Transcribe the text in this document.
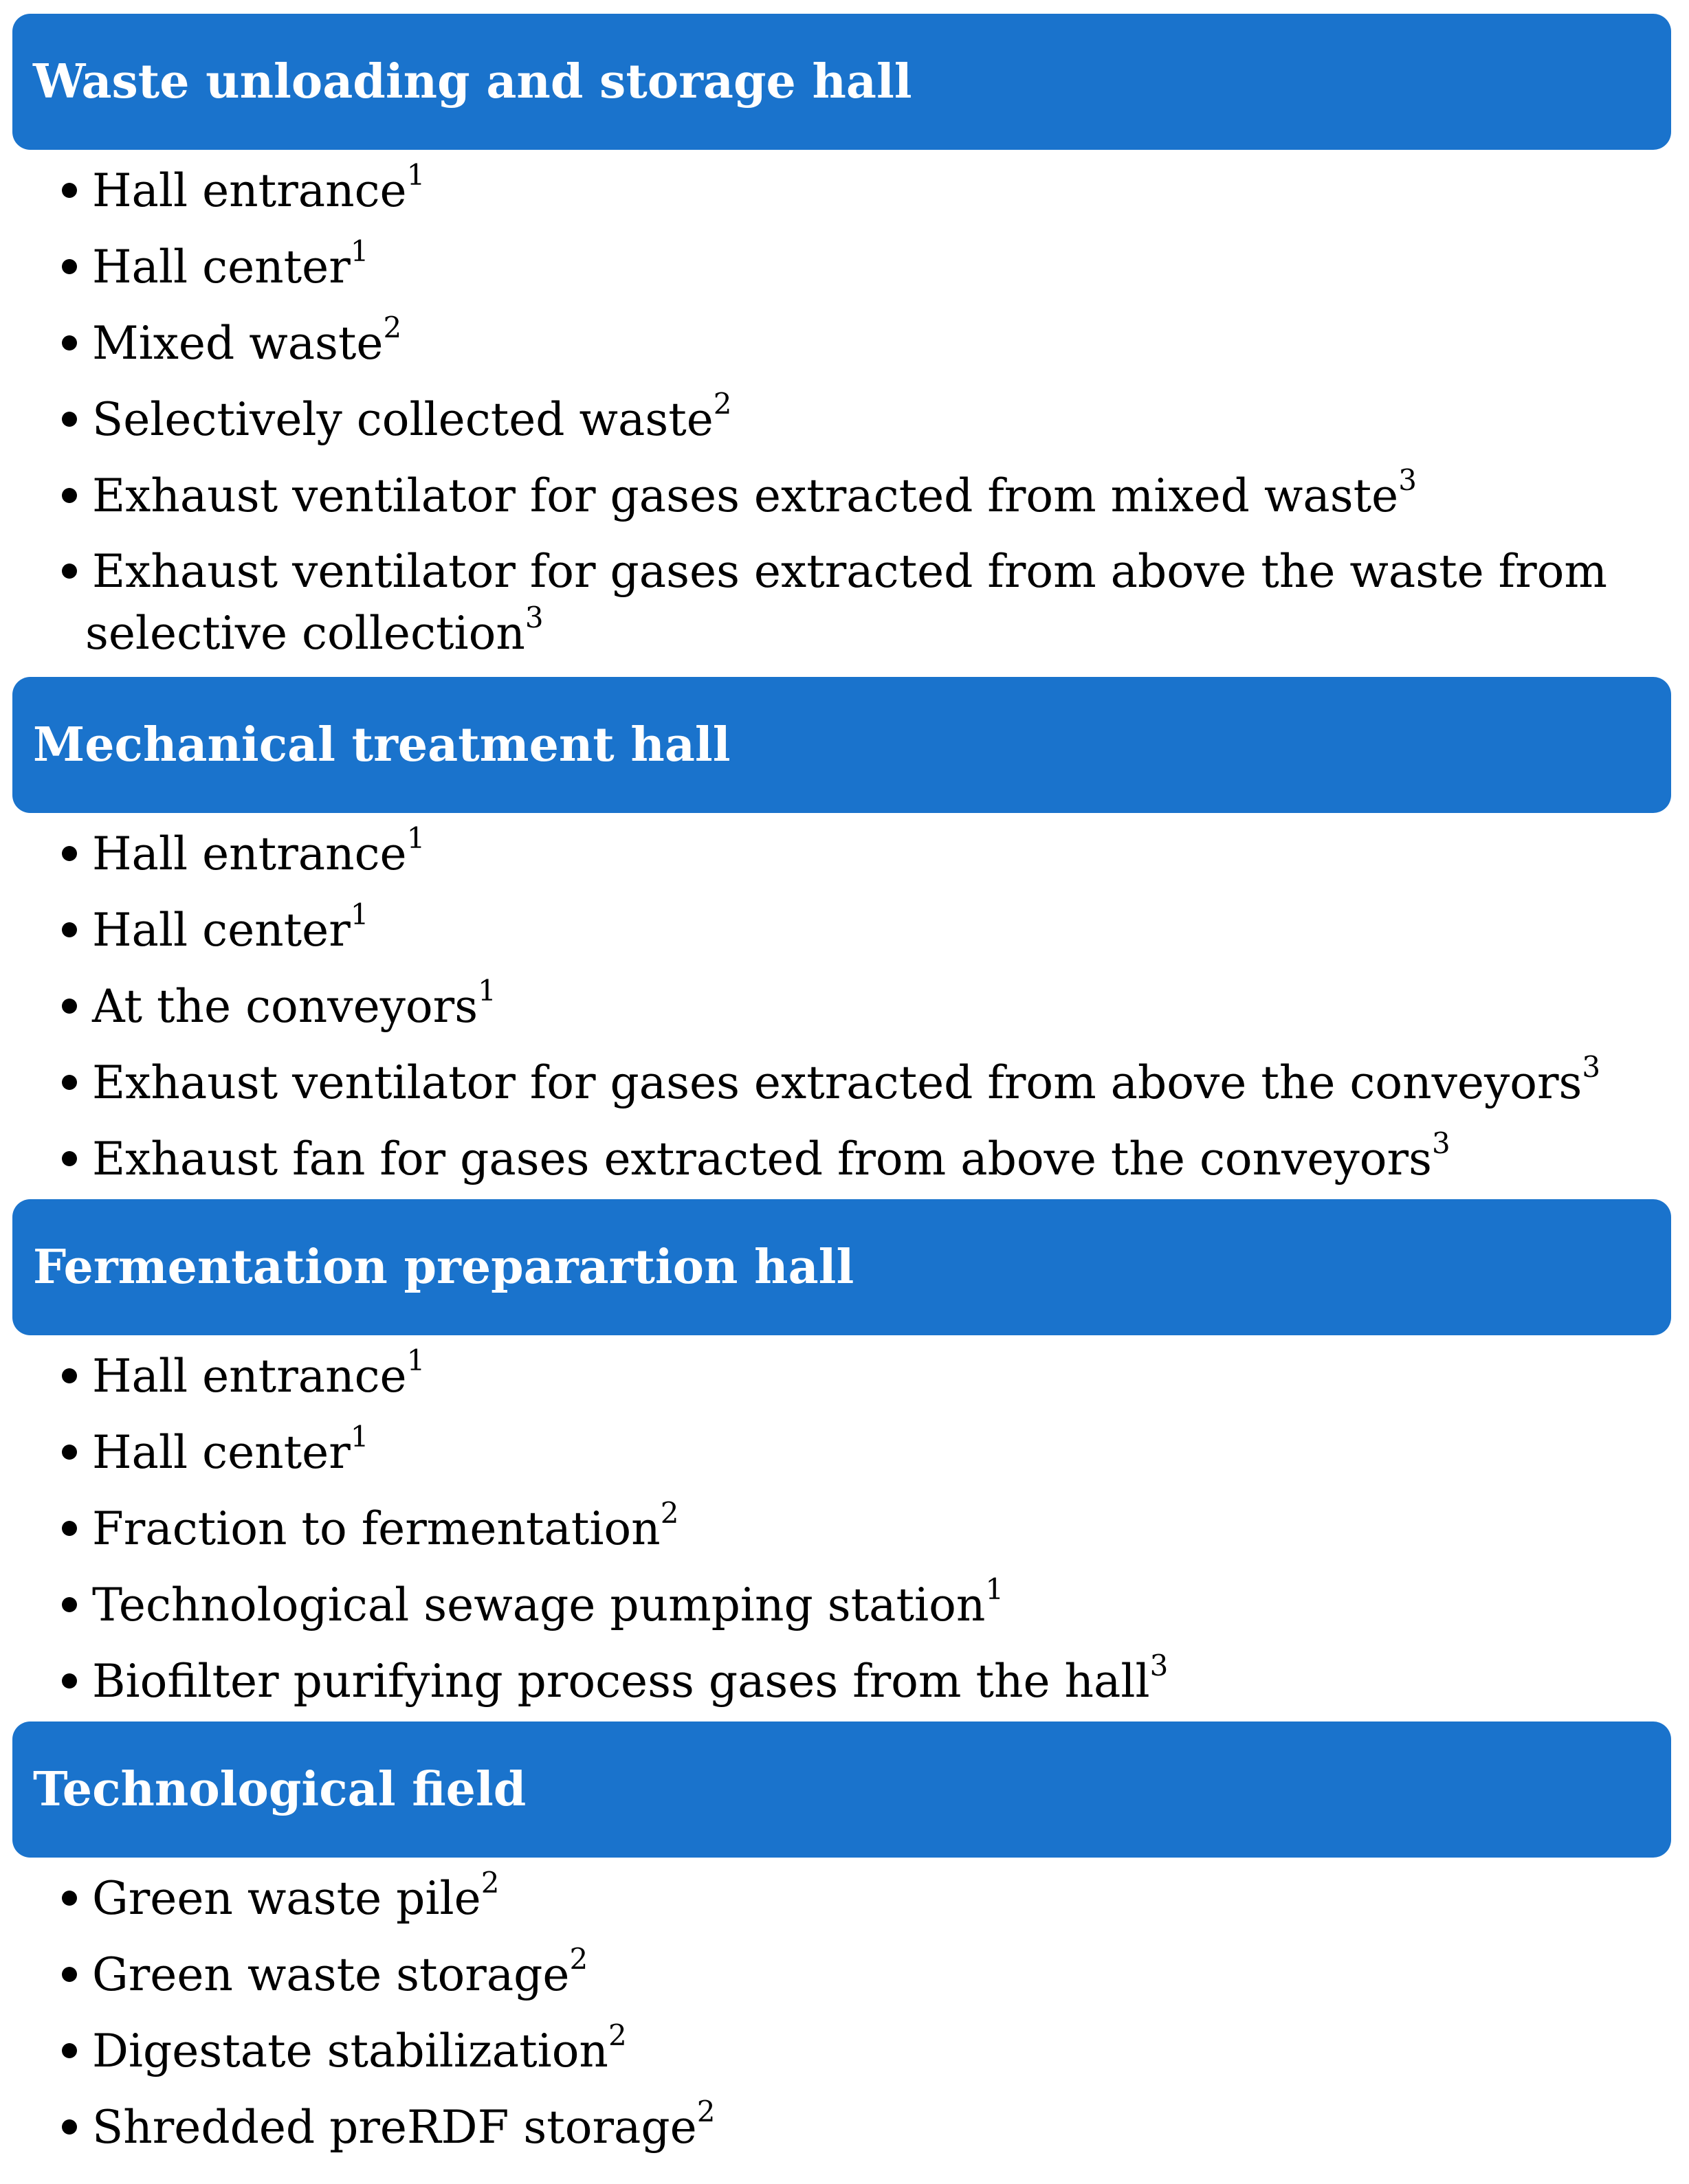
Waste unloading and storage hall
Hall entrance$^1$
Hall center$^1$
Mixed waste$^2$
Selectively collected waste$^2$
Exhaust ventilator for gases extracted from mixed waste$^3$
Exhaust ventilator for gases extracted from above the waste from
selective collection$^3$
Mechanical treatment hall
Hall entrance$^1$
Hall center$^1$
At the conveyors$^1$
Exhaust ventilator for gases extracted from above the conveyors$^3$
Exhaust fan for gases extracted from above the conveyors$^3$
Fermentation preparartion hall
Hall entrance$^1$
Hall center$^1$
Fraction to fermentation$^2$
Technological sewage pumping station$^1$
Biofilter purifying process gases from the hall$^3$
Technological field
Green waste pile$^2$
Green waste storage$^2$
Digestate stabilization$^2$
Shredded preRDF storage$^2$
